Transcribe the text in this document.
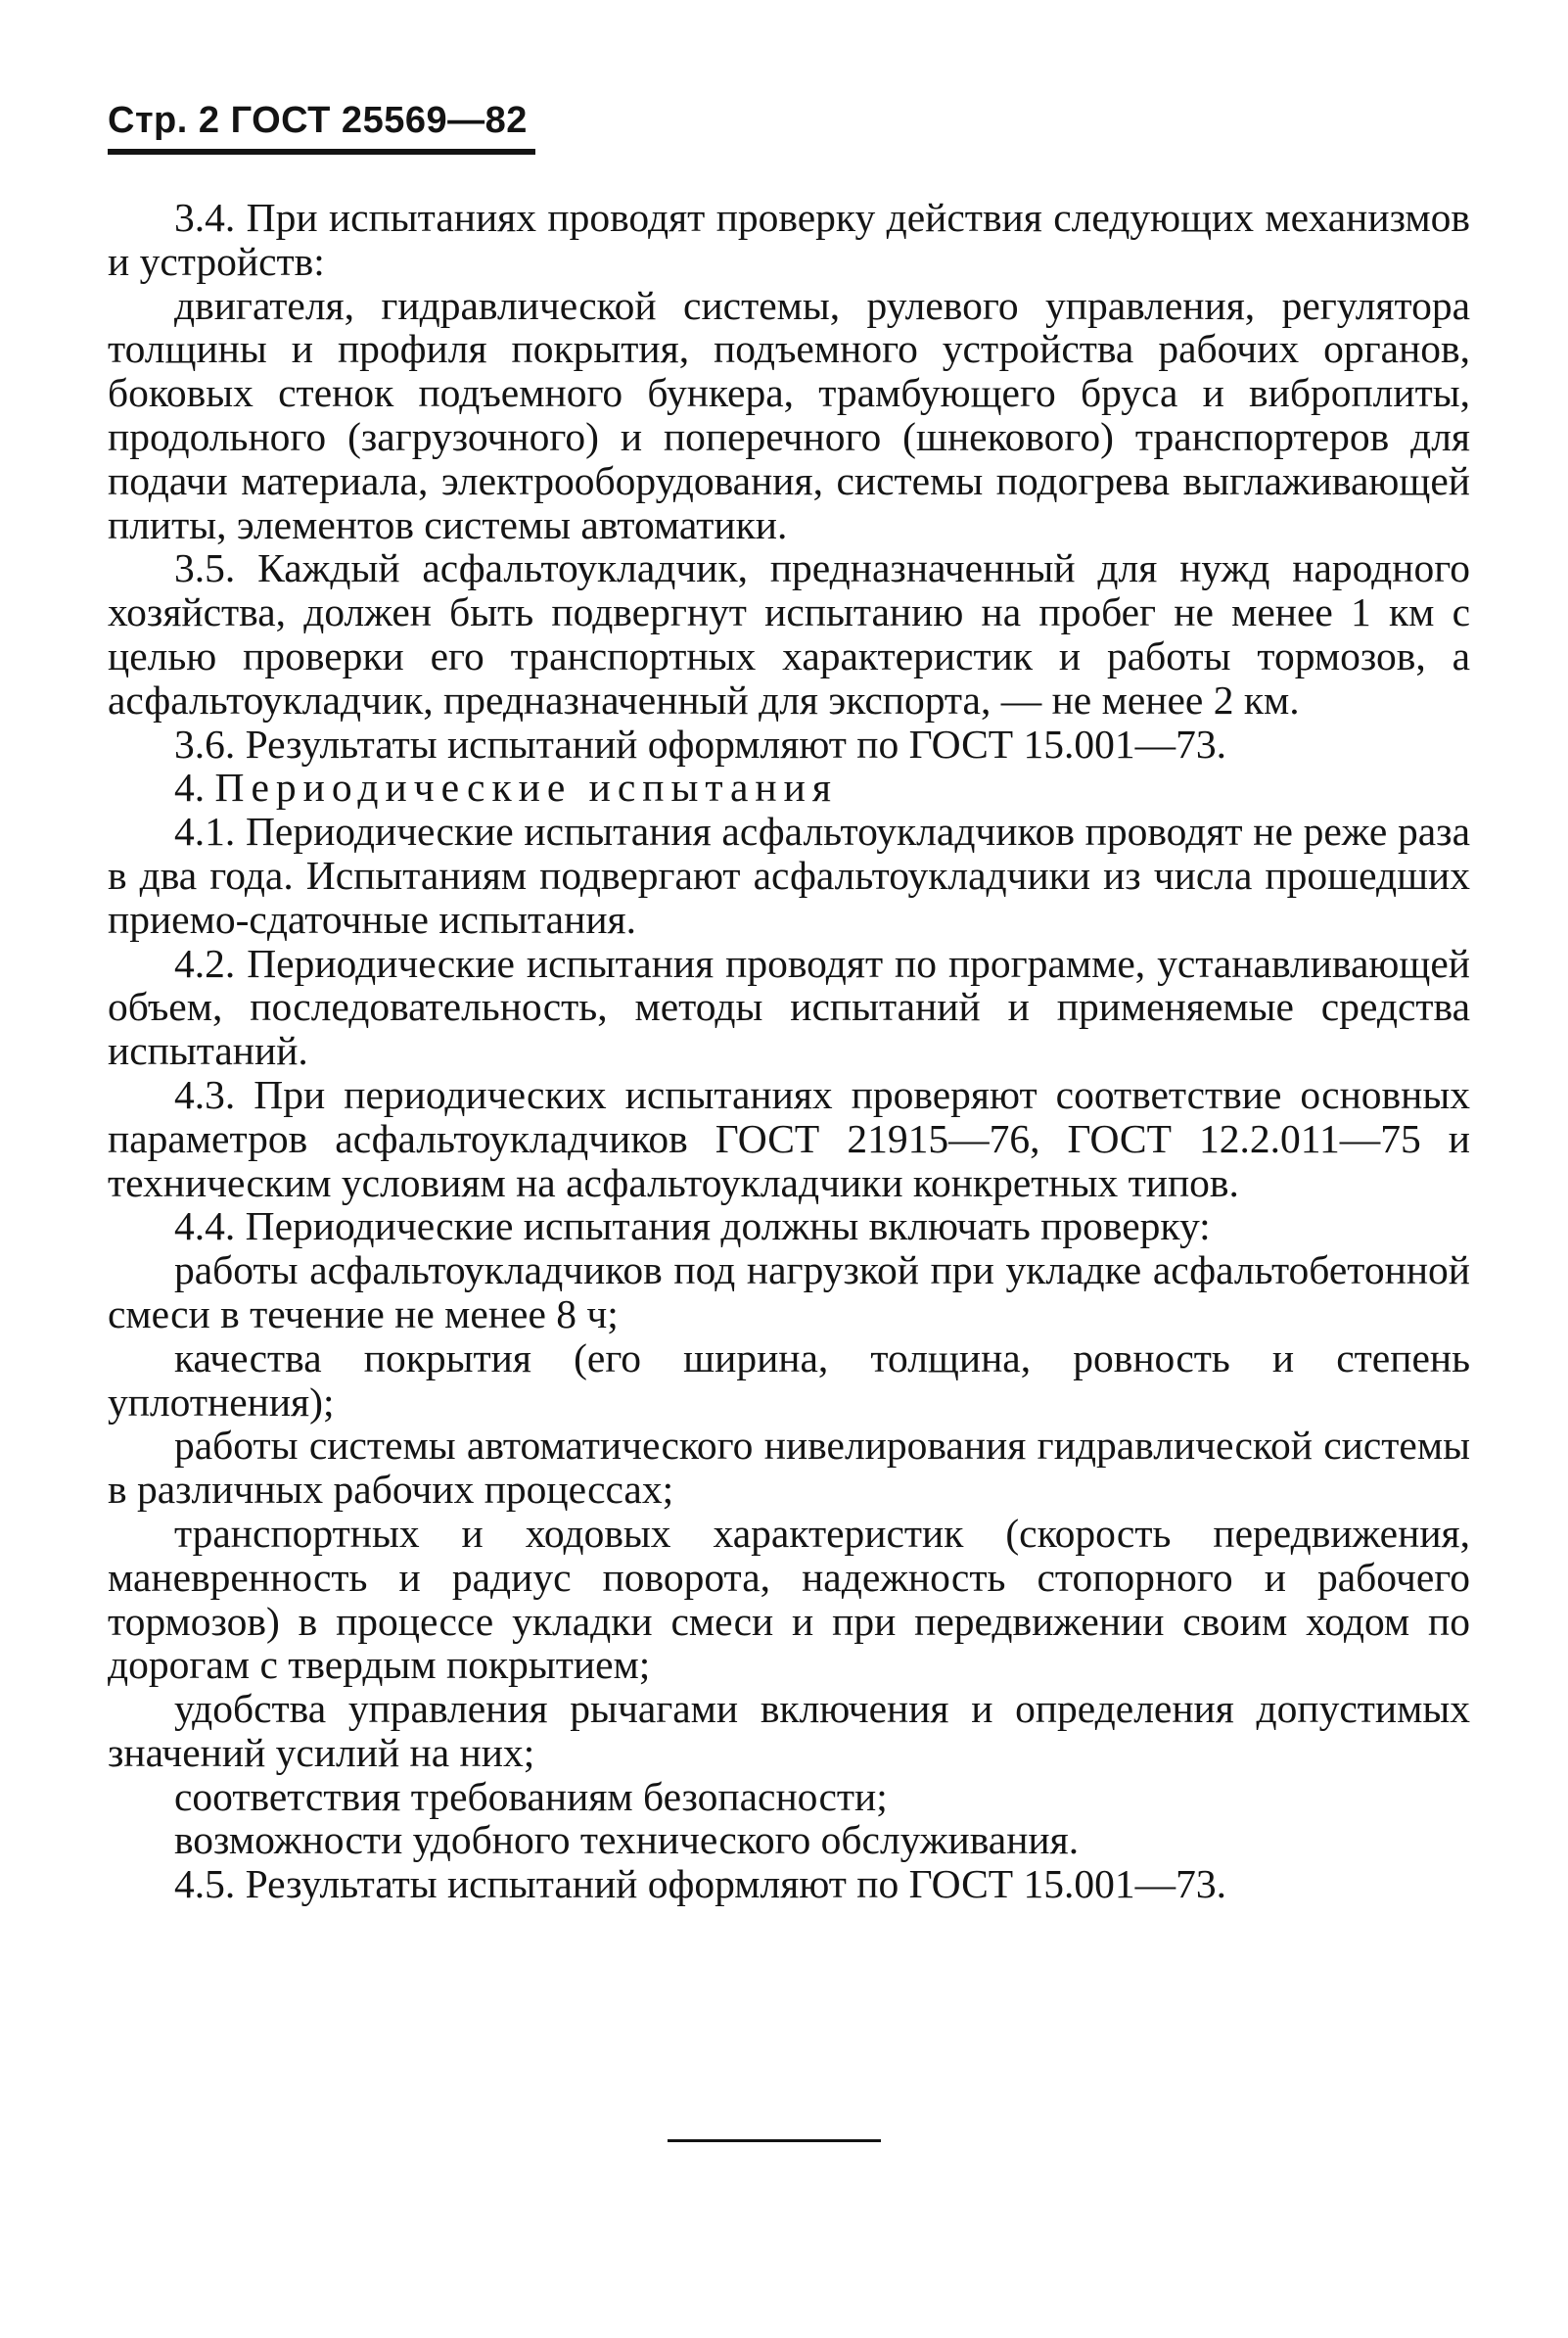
Стр. 2 ГОСТ 25569—82

3.4. При испытаниях проводят проверку действия следующих механизмов и устройств:

двигателя, гидравлической системы, рулевого управления, регулятора толщины и профиля покрытия, подъемного устройства рабочих органов, боковых стенок подъемного бункера, трамбующего бруса и виброплиты, продольного (загрузочного) и поперечного (шнекового) транспортеров для подачи материала, электрооборудования, системы подогрева выглаживающей плиты, элементов системы автоматики.

3.5. Каждый асфальтоукладчик, предназначенный для нужд народного хозяйства, должен быть подвергнут испытанию на пробег не менее 1 км с целью проверки его транспортных характеристик и работы тормозов, а асфальтоукладчик, предназначенный для экспорта, — не менее 2 км.

3.6. Результаты испытаний оформляют по ГОСТ 15.001—73.

4. Периодические испытания

4.1. Периодические испытания асфальтоукладчиков проводят не реже раза в два года. Испытаниям подвергают асфальтоукладчики из числа прошедших приемо-сдаточные испытания.

4.2. Периодические испытания проводят по программе, устанавливающей объем, последовательность, методы испытаний и применяемые средства испытаний.

4.3. При периодических испытаниях проверяют соответствие основных параметров асфальтоукладчиков ГОСТ 21915—76, ГОСТ 12.2.011—75 и техническим условиям на асфальтоукладчики конкретных типов.

4.4. Периодические испытания должны включать проверку:

работы асфальтоукладчиков под нагрузкой при укладке асфальтобетонной смеси в течение не менее 8 ч;

качества покрытия (его ширина, толщина, ровность и степень уплотнения);

работы системы автоматического нивелирования гидравлической системы в различных рабочих процессах;

транспортных и ходовых характеристик (скорость передвижения, маневренность и радиус поворота, надежность стопорного и рабочего тормозов) в процессе укладки смеси и при передвижении своим ходом по дорогам с твердым покрытием;

удобства управления рычагами включения и определения допустимых значений усилий на них;

соответствия требованиям безопасности;

возможности удобного технического обслуживания.

4.5. Результаты испытаний оформляют по ГОСТ 15.001—73.
